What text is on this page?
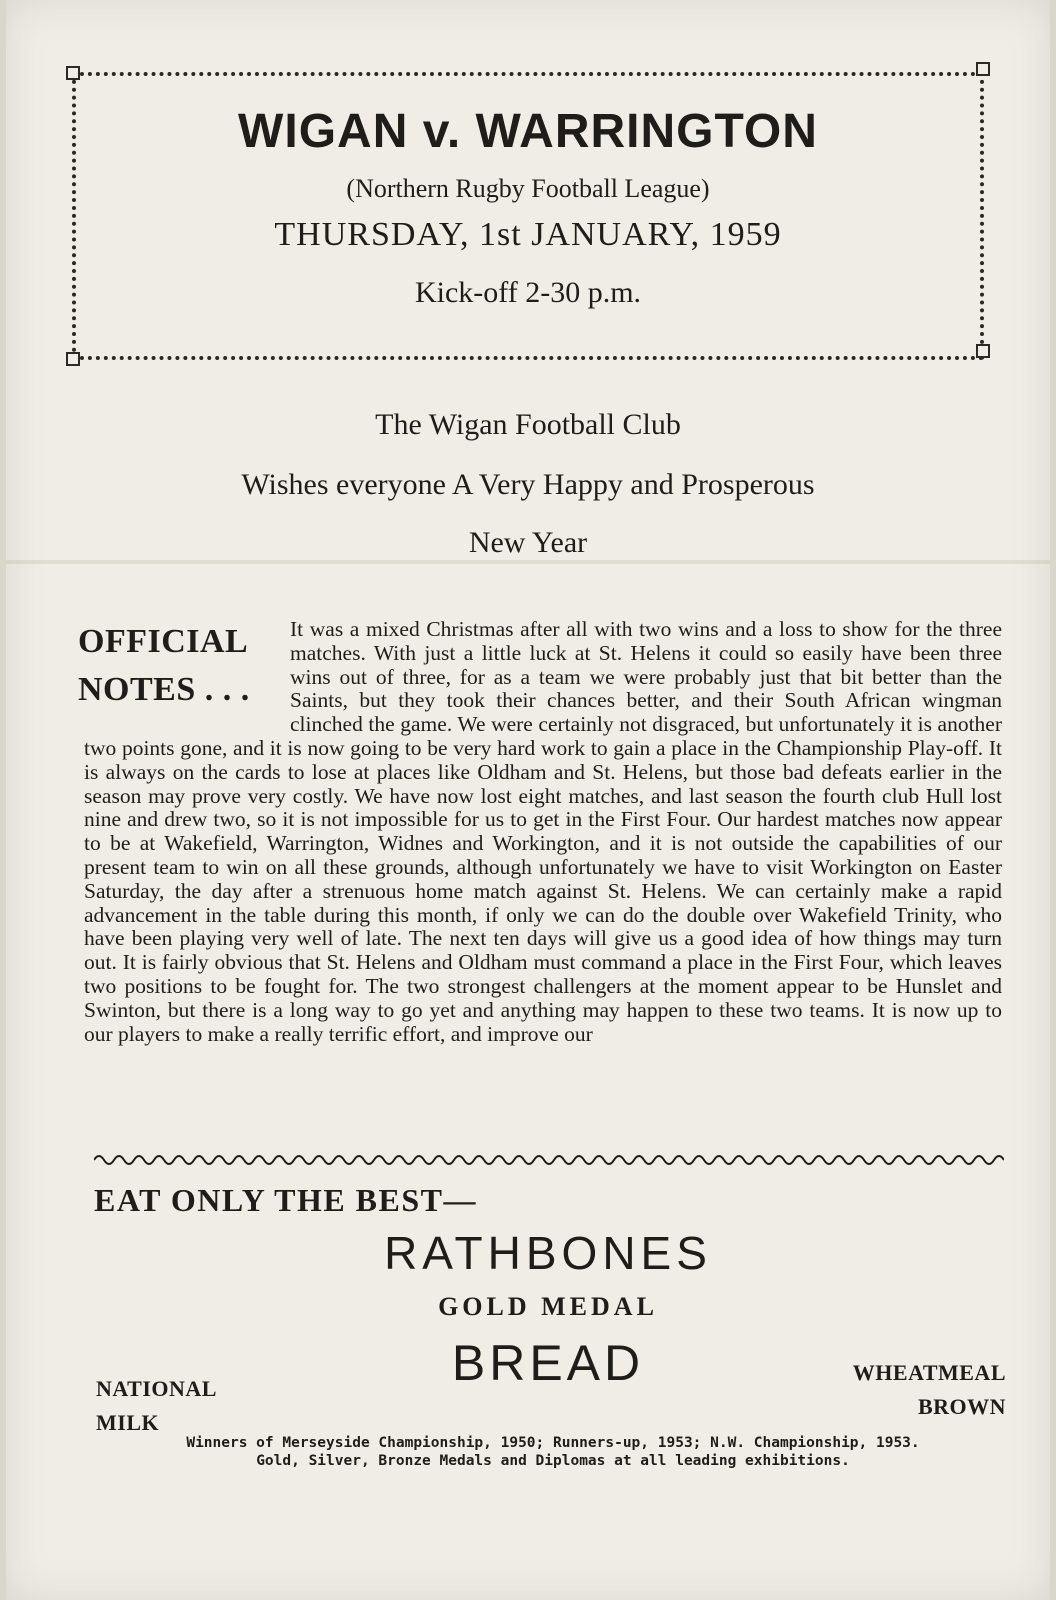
WIGAN v. WARRINGTON
(Northern Rugby Football League)
THURSDAY, 1st JANUARY, 1959
Kick-off 2-30 p.m.
The Wigan Football Club
Wishes everyone A Very Happy and Prosperous
New Year
OFFICIAL
NOTES . . .

It was a mixed Christmas after all with two wins and a loss to show for the three matches. With just a little luck at St. Helens it could so easily have been three wins out of three, for as a team we were probably just that bit better than the Saints, but they took their chances better, and their South African wingman clinched the game. We were certainly not disgraced, but unfortunately it is another two points gone, and it is now going to be very hard work to gain a place in the Championship Play-off. It is always on the cards to lose at places like Oldham and St. Helens, but those bad defeats earlier in the season may prove very costly. We have now lost eight matches, and last season the fourth club Hull lost nine and drew two, so it is not impossible for us to get in the First Four. Our hardest matches now appear to be at Wakefield, Warrington, Widnes and Workington, and it is not outside the capabilities of our present team to win on all these grounds, although unfortunately we have to visit Workington on Easter Saturday, the day after a strenuous home match against St. Helens. We can certainly make a rapid advancement in the table during this month, if only we can do the double over Wakefield Trinity, who have been playing very well of late. The next ten days will give us a good idea of how things may turn out. It is fairly obvious that St. Helens and Oldham must command a place in the First Four, which leaves two positions to be fought for. The two strongest challengers at the moment appear to be Hunslet and Swinton, but there is a long way to go yet and anything may happen to these two teams. It is now up to our players to make a really terrific effort, and improve our

EAT ONLY THE BEST—
RATHBONES
GOLD MEDAL
BREAD
NATIONAL
MILK
WHEATMEAL
BROWN
Winners of Merseyside Championship, 1950; Runners-up, 1953; N.W. Championship, 1953.
Gold, Silver, Bronze Medals and Diplomas at all leading exhibitions.
